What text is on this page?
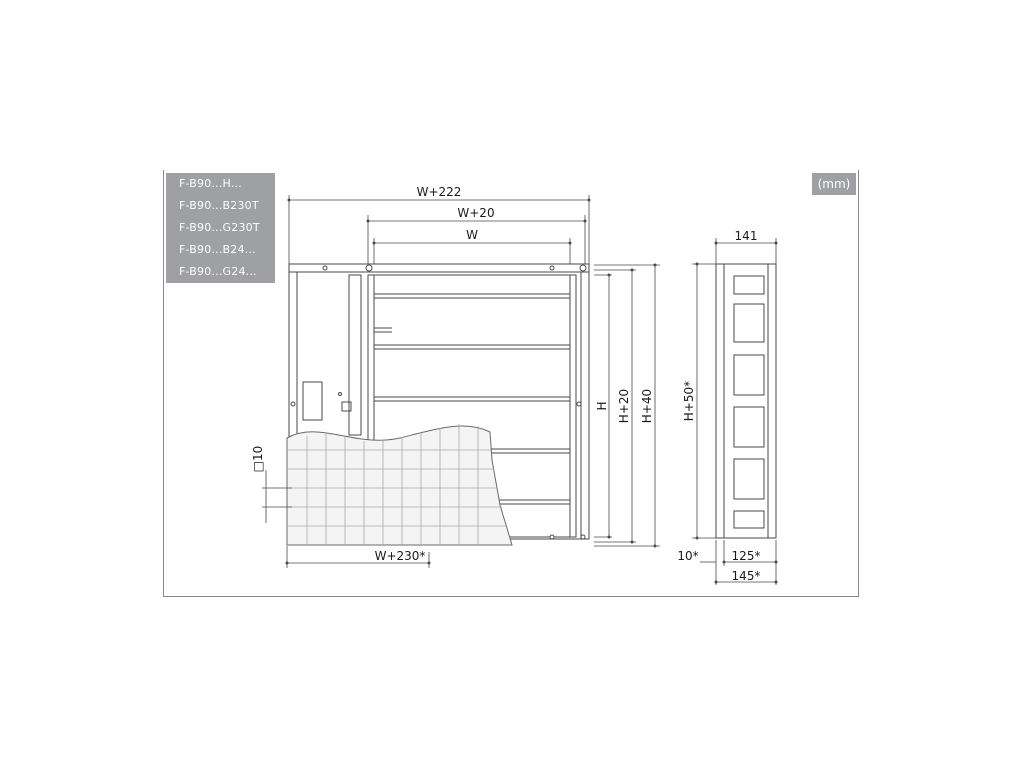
F-B90...H...
F-B90...B230T
F-B90...G230T
F-B90...B24...
F-B90...G24...
(mm)
W+222
W+20
W
W+230*
H H+20 H+40 H+50*
141
10*	125*
145*
□10
